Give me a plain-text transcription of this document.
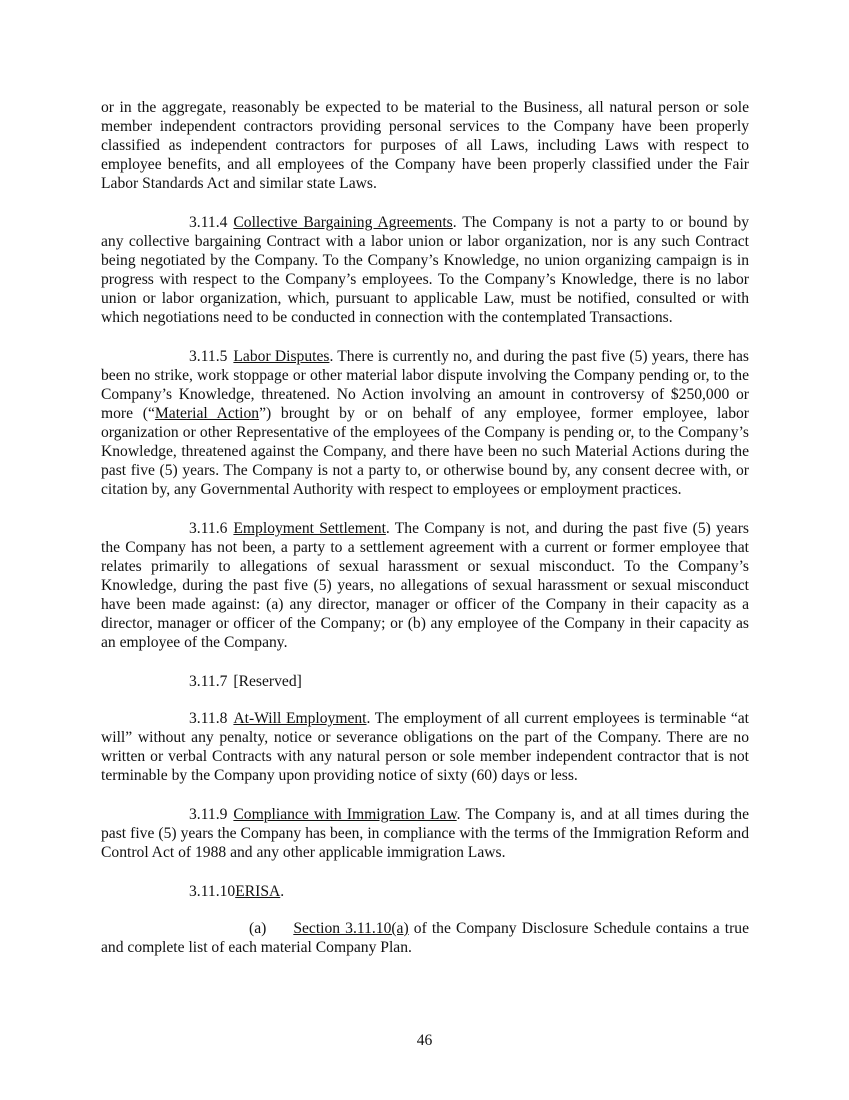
or in the aggregate, reasonably be expected to be material to the Business, all natural person or sole member independent contractors providing personal services to the Company have been properly classified as independent contractors for purposes of all Laws, including Laws with respect to employee benefits, and all employees of the Company have been properly classified under the Fair Labor Standards Act and similar state Laws.

3.11.4 Collective Bargaining Agreements. The Company is not a party to or bound by any collective bargaining Contract with a labor union or labor organization, nor is any such Contract being negotiated by the Company. To the Company’s Knowledge, no union organizing campaign is in progress with respect to the Company’s employees. To the Company’s Knowledge, there is no labor union or labor organization, which, pursuant to applicable Law, must be notified, consulted or with which negotiations need to be conducted in connection with the contemplated Transactions.

3.11.5 Labor Disputes. There is currently no, and during the past five (5) years, there has been no strike, work stoppage or other material labor dispute involving the Company pending or, to the Company’s Knowledge, threatened. No Action involving an amount in controversy of $250,000 or more (“Material Action”) brought by or on behalf of any employee, former employee, labor organization or other Representative of the employees of the Company is pending or, to the Company’s Knowledge, threatened against the Company, and there have been no such Material Actions during the past five (5) years. The Company is not a party to, or otherwise bound by, any consent decree with, or citation by, any Governmental Authority with respect to employees or employment practices.

3.11.6 Employment Settlement. The Company is not, and during the past five (5) years the Company has not been, a party to a settlement agreement with a current or former employee that relates primarily to allegations of sexual harassment or sexual misconduct. To the Company’s Knowledge, during the past five (5) years, no allegations of sexual harassment or sexual misconduct have been made against: (a) any director, manager or officer of the Company in their capacity as a director, manager or officer of the Company; or (b) any employee of the Company in their capacity as an employee of the Company.

3.11.7 [Reserved]

3.11.8 At-Will Employment. The employment of all current employees is terminable “at will” without any penalty, notice or severance obligations on the part of the Company. There are no written or verbal Contracts with any natural person or sole member independent contractor that is not terminable by the Company upon providing notice of sixty (60) days or less.

3.11.9 Compliance with Immigration Law. The Company is, and at all times during the past five (5) years the Company has been, in compliance with the terms of the Immigration Reform and Control Act of 1988 and any other applicable immigration Laws.

3.11.10ERISA.

(a) Section 3.11.10(a) of the Company Disclosure Schedule contains a true and complete list of each material Company Plan.

46
